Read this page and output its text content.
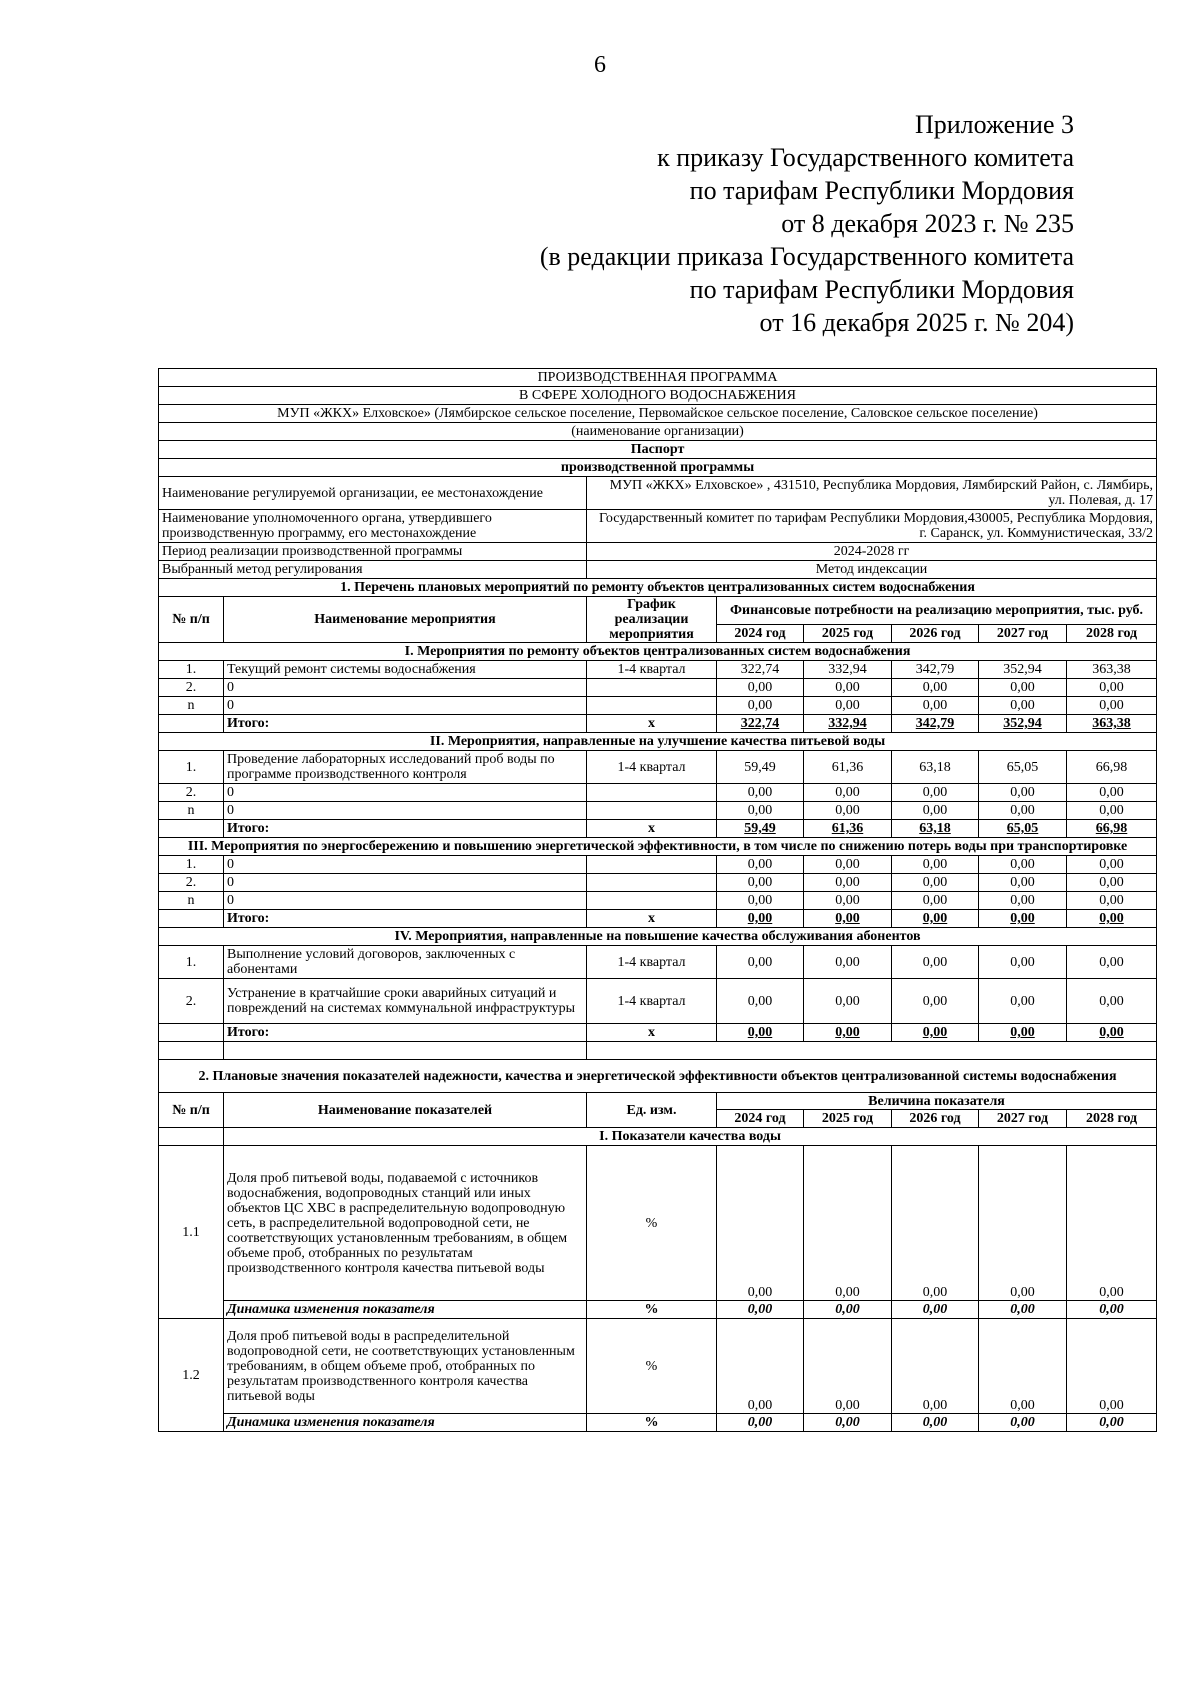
6
Приложение 3
к приказу Государственного комитета
по тарифам Республики Мордовия
от 8 декабря 2023 г. № 235
(в редакции приказа Государственного комитета
по тарифам Республики Мордовия
от 16 декабря 2025 г. № 204)
ПРОИЗВОДСТВЕННАЯ ПРОГРАММА							
В СФЕРЕ ХОЛОДНОГО ВОДОСНАБЖЕНИЯ							
МУП «ЖКХ» Елховское» (Лямбирское сельское поселение, Первомайское сельское поселение, Саловское сельское поселение)							
(наименование организации)							
Паспорт							
производственной программы							
Наименование регулируемой организации, ее местонахождение		МУП «ЖКХ» Елховское» , 431510, Республика Мордовия, Лямбирский Район, с. Лямбирь, ул. Полевая, д. 17					
Наименование уполномоченного органа, утвердившего производственную программу, его местонахождение		Государственный комитет по тарифам Республики Мордовия,430005, Республика Мордовия, г. Саранск, ул. Коммунистическая, 33/2					
Период реализации производственной программы		2024-2028 гг					
Выбранный метод регулирования		Метод индексации					
1. Перечень плановых мероприятий по ремонту объектов централизованных систем водоснабжения							
№ п/п	Наименование мероприятия	График реализации мероприятия	Финансовые потребности на реализацию мероприятия, тыс. руб.				
			2024 год	2025 год	2026 год	2027 год	2028 год
I. Мероприятия по ремонту объектов централизованных систем водоснабжения							
1.	Текущий ремонт системы водоснабжения	1-4 квартал	322,74	332,94	342,79	352,94	363,38
2.	0		0,00	0,00	0,00	0,00	0,00
n	0		0,00	0,00	0,00	0,00	0,00
	Итого:	x	322,74	332,94	342,79	352,94	363,38
II. Мероприятия, направленные на улучшение качества питьевой воды							
1.	Проведение лабораторных исследований проб воды по программе производственного контроля	1-4 квартал	59,49	61,36	63,18	65,05	66,98
2.	0		0,00	0,00	0,00	0,00	0,00
n	0		0,00	0,00	0,00	0,00	0,00
	Итого:	x	59,49	61,36	63,18	65,05	66,98
III. Мероприятия по энергосбережению и повышению энергетической эффективности, в том числе по снижению потерь воды при транспортировке							
1.	0		0,00	0,00	0,00	0,00	0,00
2.	0		0,00	0,00	0,00	0,00	0,00
n	0		0,00	0,00	0,00	0,00	0,00
	Итого:	x	0,00	0,00	0,00	0,00	0,00
IV. Мероприятия, направленные на повышение качества обслуживания абонентов							
1.	Выполнение условий договоров, заключенных с абонентами	1-4 квартал	0,00	0,00	0,00	0,00	0,00
2.	Устранение в кратчайшие сроки аварийных ситуаций и повреждений на системах коммунальной инфраструктуры	1-4 квартал	0,00	0,00	0,00	0,00	0,00
	Итого:	x	0,00	0,00	0,00	0,00	0,00

2. Плановые значения показателей надежности, качества и энергетической эффективности объектов централизованной системы водоснабжения							
№ п/п	Наименование показателей	Ед. изм.	Величина показателя				
			2024 год	2025 год	2026 год	2027 год	2028 год
	I. Показатели качества воды						
1.1	Доля проб питьевой воды, подаваемой с источников водоснабжения, водопроводных станций или иных объектов ЦС ХВС в распределительную водопроводную сеть, в распределительной водопроводной сети, не соответствующих установленным требованиям, в общем объеме проб, отобранных по результатам производственного контроля качества питьевой воды	%	0,00	0,00	0,00	0,00	0,00
	Динамика изменения показателя	%	0,00	0,00	0,00	0,00	0,00
1.2	Доля проб питьевой воды в распределительной водопроводной сети, не соответствующих установленным требованиям, в общем объеме проб, отобранных по результатам производственного контроля качества питьевой воды	%	0,00	0,00	0,00	0,00	0,00
	Динамика изменения показателя	%	0,00	0,00	0,00	0,00	0,00
